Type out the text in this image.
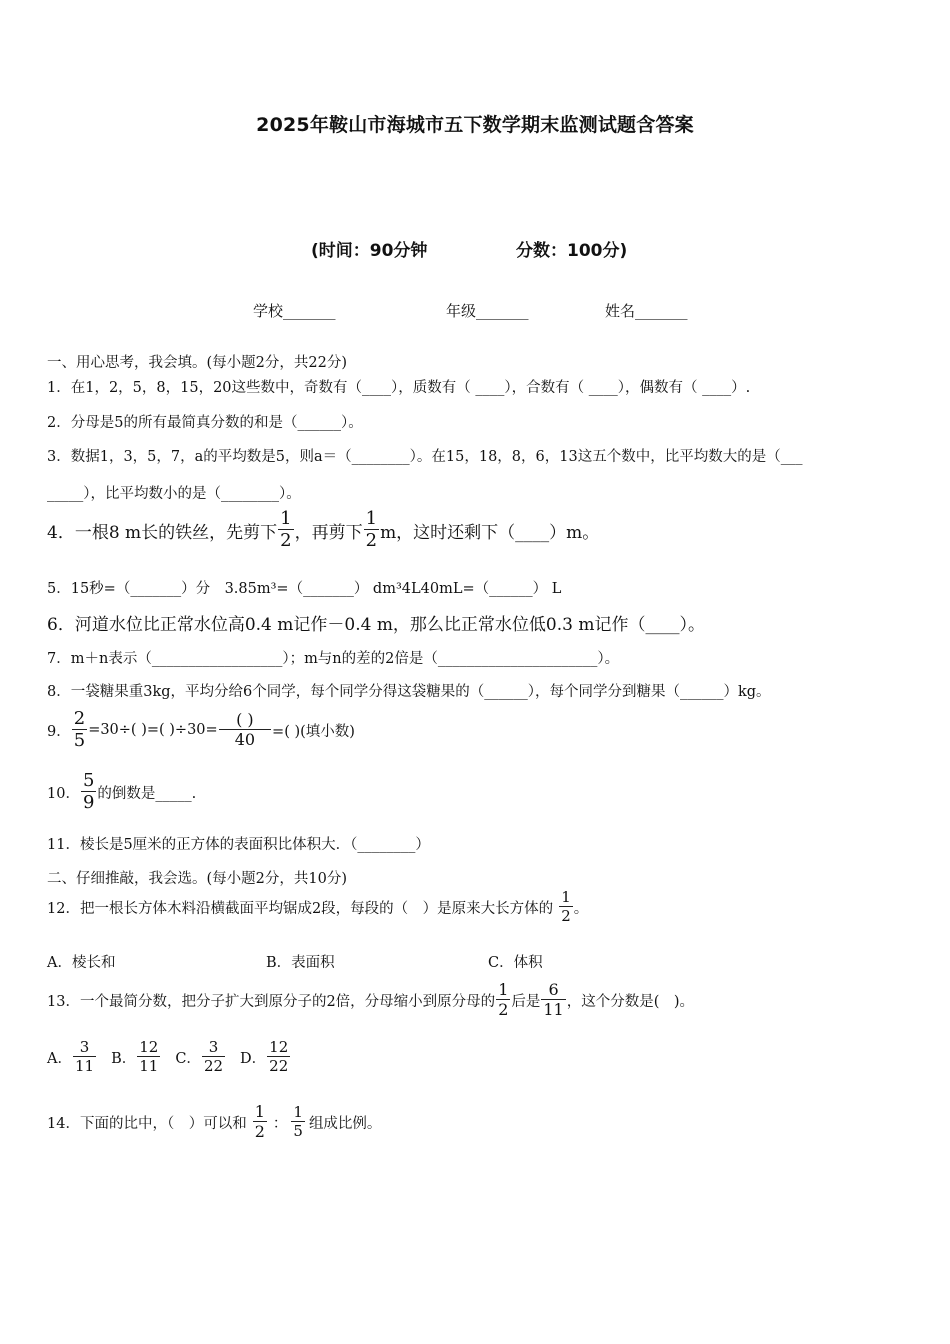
2025年鞍山市海城市五下数学期末监测试题含答案
(时间：90分钟	分数：100分)
学校_______	年级_______	姓名_______
一、用心思考，我会填。(每小题2分，共22分)
1．在1，2，5，8，15，20这些数中，奇数有（____），质数有（ ____），合数有（ ____），偶数有（ ____）.
2．分母是5的所有最简真分数的和是（______）。
3．数据1，3，5，7，a的平均数是5，则a＝（________）。在15，18，8，6，13这五个数中，比平均数大的是（___
_____），比平均数小的是（________）。
4．一根8 m长的铁丝，先剪下 $\frac{1}{2}$ ，再剪下 $\frac{1}{2}$ m，这时还剩下（____）m。
5．15秒=（_______）分　3.85m³=（_______） dm³4L40mL=（______） L
6．河道水位比正常水位高0.4 m记作－0.4 m，那么比正常水位低0.3 m记作（____）。
7．m＋n表示（__________________）；m与n的差的2倍是（______________________）。
8．一袋糖果重3kg，平均分给6个同学，每个同学分得这袋糖果的（______），每个同学分到糖果（______）kg。
9． $\frac{2}{5} =30\div$( )=( )$\div 30= \frac{( )}{40}$ =( )(填小数)
10． $\frac{5}{9}$ 的倒数是_____.
11．棱长是5厘米的正方体的表面积比体积大．（________）
二、仔细推敲，我会选。(每小题2分，共10分)
12．把一根长方体木料沿横截面平均锯成2段，每段的（　）是原来大长方体的 $\frac{1}{2}$ 。
A．棱长和	B．表面积	C．体积
13．一个最简分数，把分子扩大到原分子的2倍，分母缩小到原分母的 $\frac{1}{2}$ 后是 $\frac{6}{11}$ ，这个分数是(　)。
A． $\frac{3}{11}$ B． $\frac{12}{11}$ C． $\frac{3}{22}$ D． $\frac{12}{22}$
14．下面的比中，（　）可以和 $\frac{1}{2}$ ： $\frac{1}{5}$ 组成比例。
